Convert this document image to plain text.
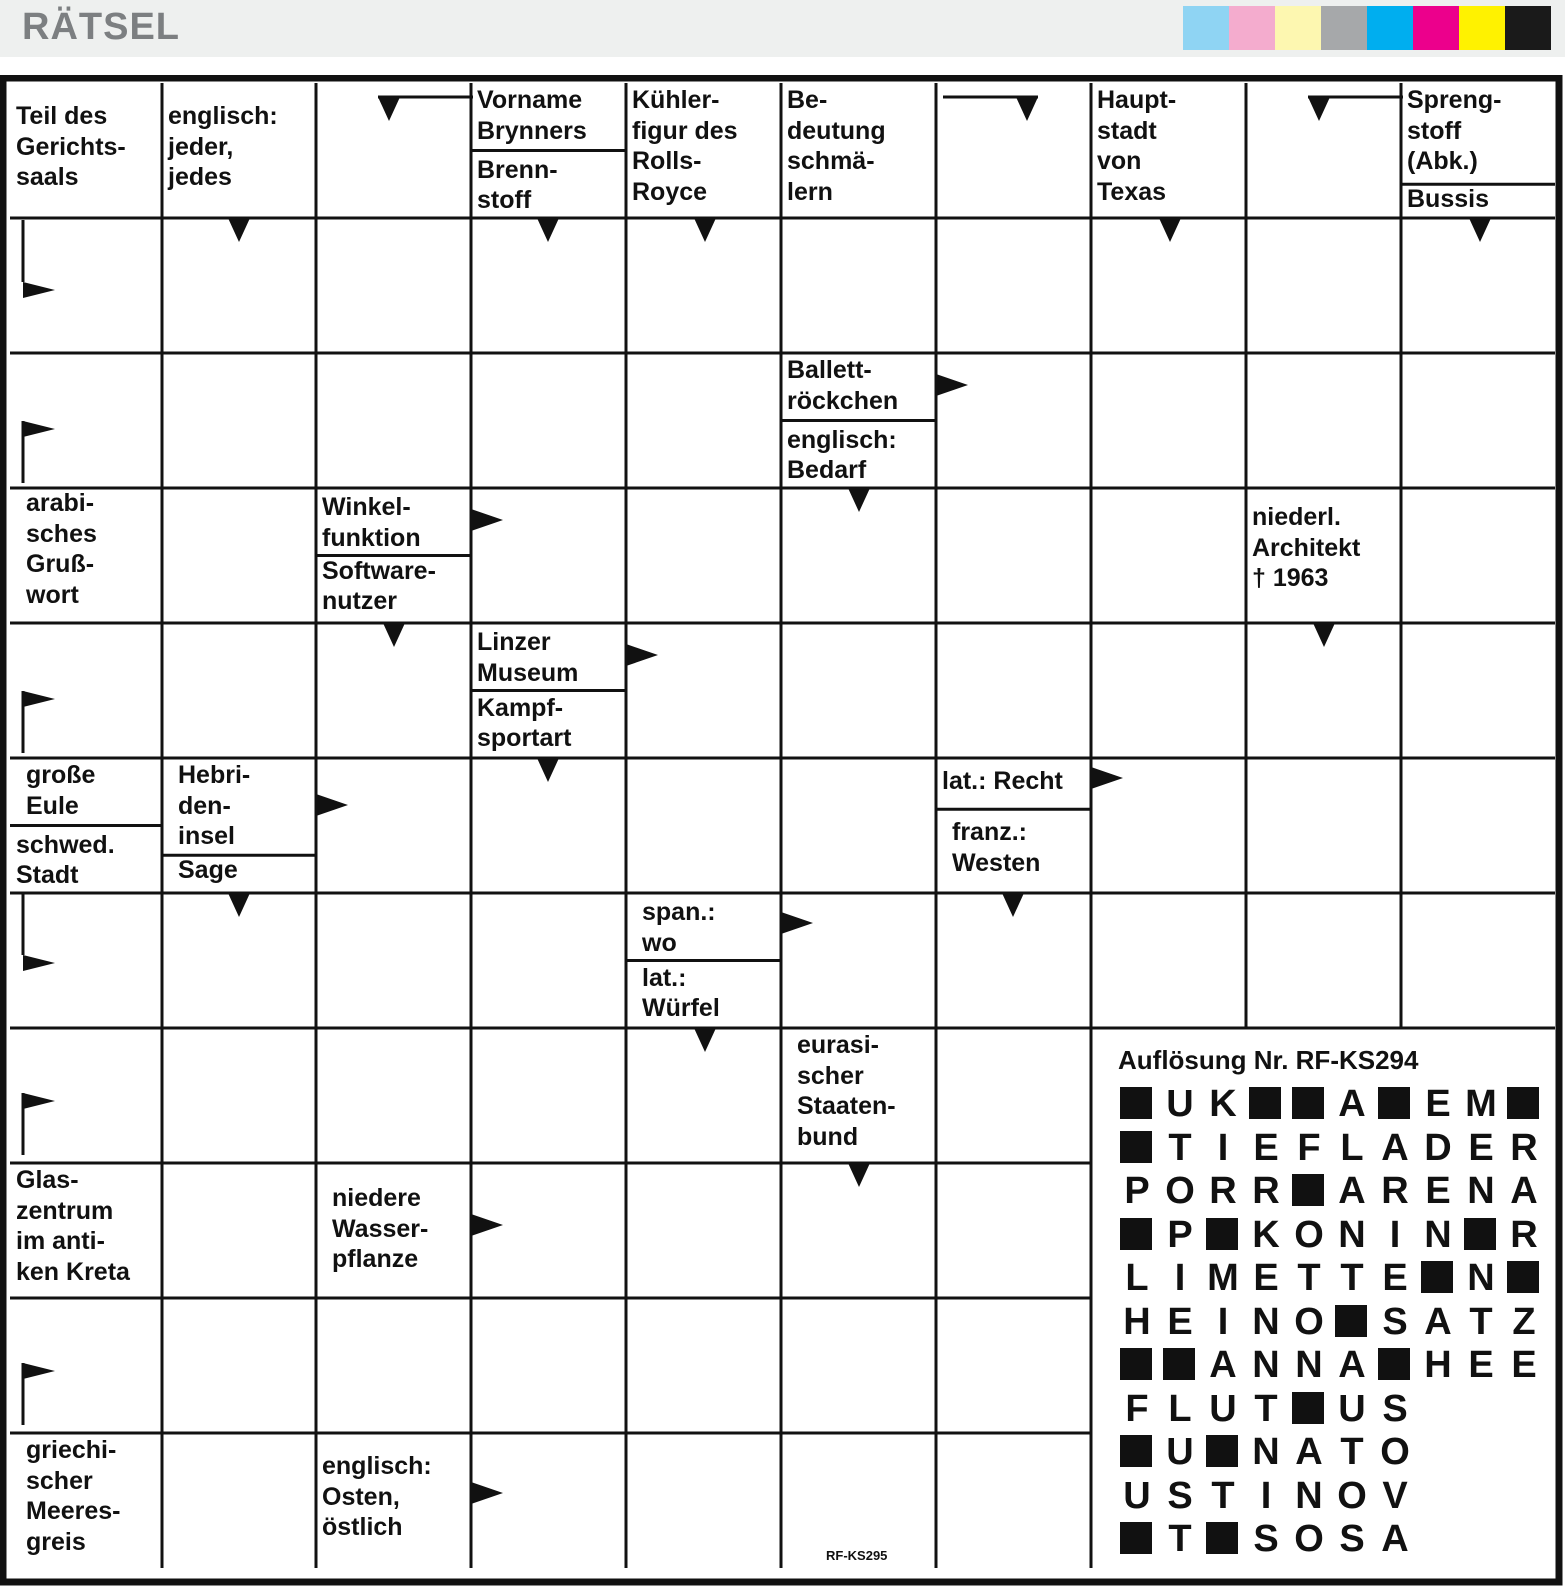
RÄTSEL
Teil des
Gerichts-
saals
englisch:
jeder,
jedes
Vorname
Brynners
Brenn-
stoff
Kühler-
figur des
Rolls-
Royce
Be-
deutung
schmä-
lern
Haupt-
stadt
von
Texas
Spreng-
stoff
(Abk.)
Bussis
Ballett-
röckchen
englisch:
Bedarf
arabi-
sches
Gruß-
wort
Winkel-
funktion
Software-
nutzer
niederl.
Architekt
† 1963
Linzer
Museum
Kampf-
sportart
große
Eule
schwed.
Stadt
Hebri-
den-
insel
Sage
lat.: Recht
franz.:
Westen
span.:
wo
lat.:
Würfel
eurasi-
scher
Staaten-
bund
Glas-
zentrum
im anti-
ken Kreta
niedere
Wasser-
pflanze
griechi-
scher
Meeres-
greis
englisch:
Osten,
östlich
Auflösung Nr. RF-KS294
U K	A E M
T I E F L A D E R
P O R R A R E N A
P K O N I N R
L I M E T T E N
H E I N O S A T Z
A N N A H E E
F L U T U S
U N A T O
U S T I N O V
T S O S A
RF-KS295
